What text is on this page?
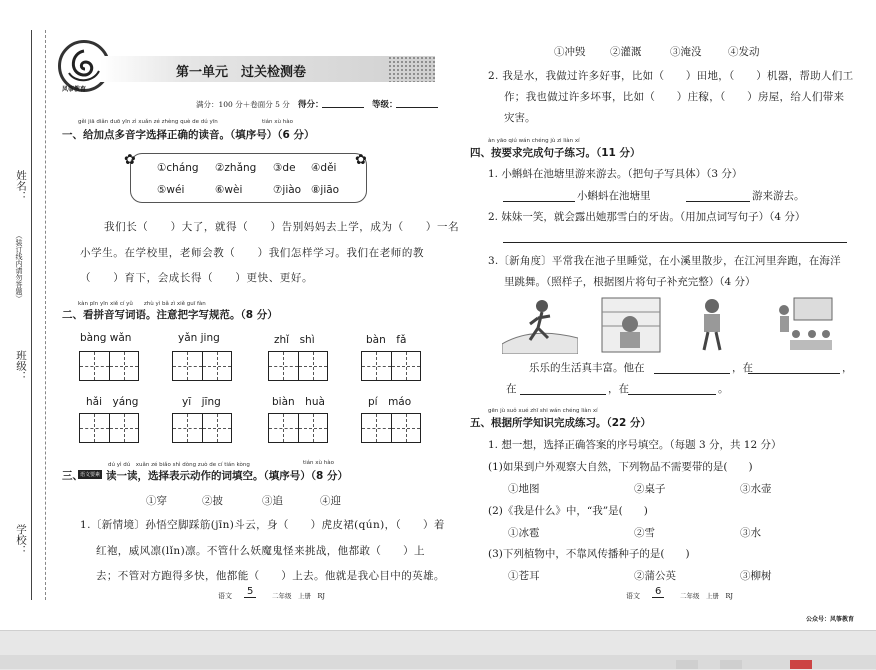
姓名：
（装订线内请勿答题）
班级：
学校：
风筝教育
第一单元　过关检测卷
满分：100 分＋卷面分 5 分 得分：	等级：
gěi jiā diǎn duō yīn zì xuǎn zé zhèng què de dú yīn	tián xù hào
一、给加点多音字选择正确的读音。（填序号）（6 分）
✿	✿
①cháng ②zhǎng ③de ④děi
⑤wéi	⑥wèi	⑦jiào ⑧jiāo
我们长（　　）大了，就得（　　）告别妈妈去上学，成为（　　）一名
小学生。在学校里，老师会教（　　）我们怎样学习。我们在老师的教
（　　）育下，会成长得（　　）更快、更好。
kàn pīn yīn xiě cí yǔ　　zhù yì bǎ zì xiě guī fàn
二、看拼音写词语。注意把字写规范。（8 分）
bàng wǎn	yǎn jing	zhǐ　shì	bàn　fǎ
hǎi　yáng	yī　jīng	biàn　huà	pí　máo
dú yì dú　xuǎn zé biǎo shì dòng zuò de cí tián kòng	tián xù hào
语文要素
三、 读一读，选择表示动作的词填空。（填序号）（8 分）
①穿	②披	③追	④迎
1.〔新情境〕孙悟空脚踩筋(jīn)斗云，身（　　）虎皮裙(qún)，（　　）着
红袍，威风凛(lǐn)凛。不管什么妖魔鬼怪来挑战，他都敢（　　）上
去；不管对方跑得多快，他都能（　　）上去。他就是我心目中的英雄。
语文	5	二年级　上册　RJ
①冲毁 ②灌溉	③淹没	④发动
2. 我是水，我做过许多好事，比如（　　）田地，（　　）机器，帮助人们工
作；我也做过许多坏事，比如（　　）庄稼，（　　）房屋，给人们带来
灾害。
àn yāo qiú wán chéng jù zi liàn xí
四、按要求完成句子练习。（11 分）
1. 小蝌蚪在池塘里游来游去。（把句子写具体）（3 分）
小蝌蚪在池塘里	游来游去。
2. 妹妹一笑，就会露出她那雪白的牙齿。（用加点词写句子）（4 分）
3.〔新角度〕平常我在池子里睡觉，在小溪里散步，在江河里奔跑，在海洋
里跳舞。（照样子，根据图片将句子补充完整）（4 分）
乐乐的生活真丰富。他在	，在	，
在	，在	。
gēn jù suǒ xué zhī shi wán chéng liàn xí
五、根据所学知识完成练习。（22 分）
1. 想一想，选择正确答案的序号填空。（每题 3 分，共 12 分）
(1)如果到户外观察大自然，下列物品不需要带的是(　　)
①地图	②桌子	③水壶
(2)《我是什么》中，“我”是(　　)
①冰雹	②雪	③水
(3)下列植物中，不靠风传播种子的是(　　)
①苍耳	②蒲公英	③柳树
语文	6	二年级　上册　RJ
公众号：风筝教育
